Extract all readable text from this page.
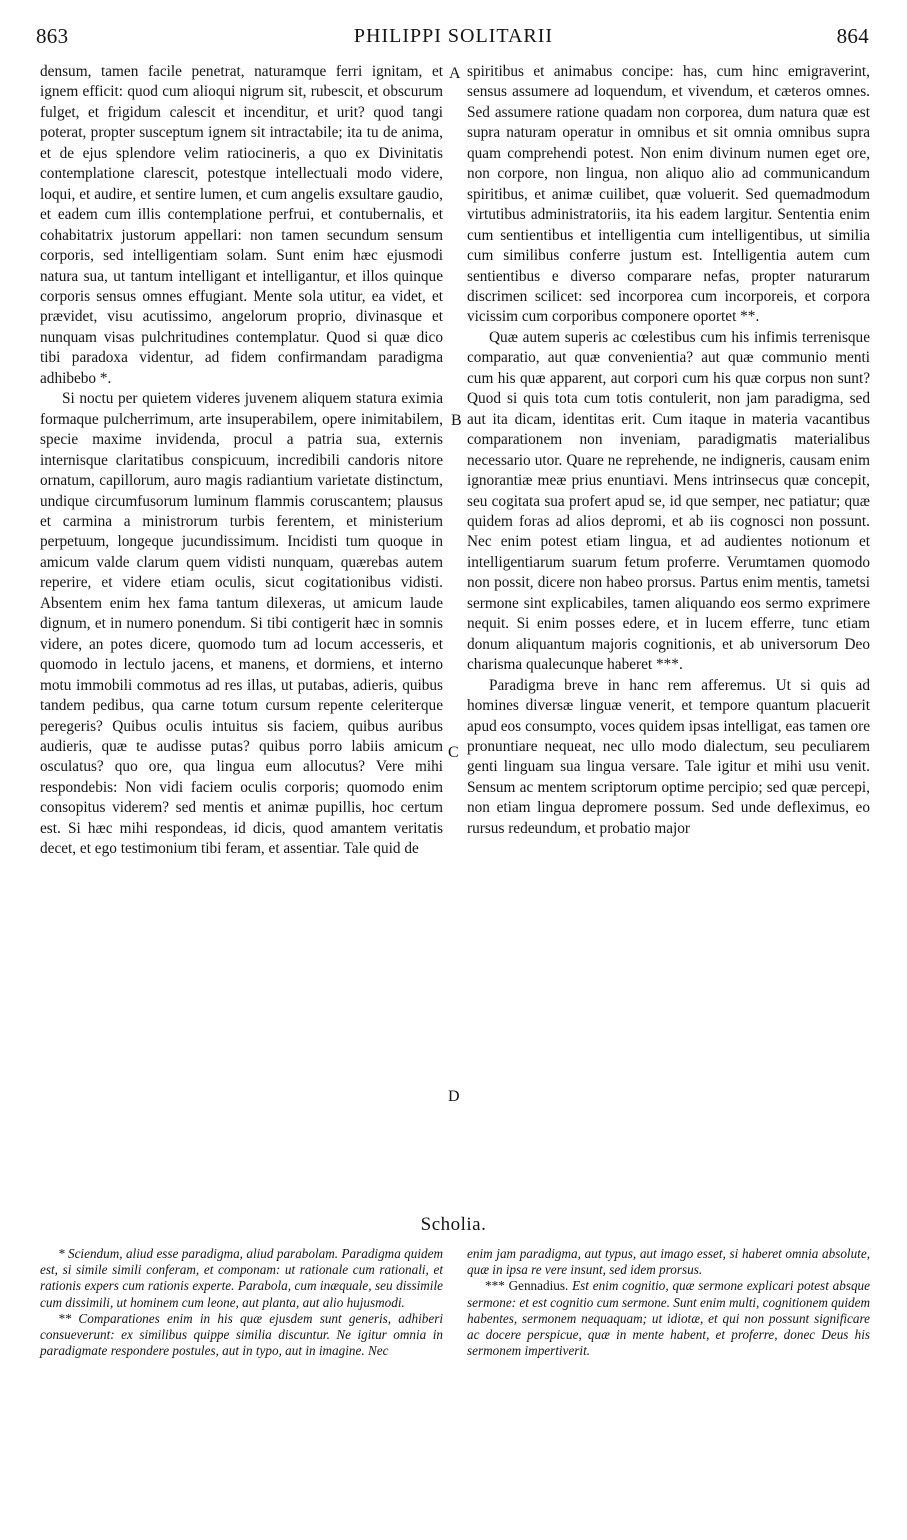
863	PHILIPPI SOLITARII	864

densum, tamen facile penetrat, naturamque ferri ignitam, et ignem efficit: quod cum alioqui nigrum sit, rubescit, et obscurum fulget, et frigidum calescit et incenditur, et urit? quod tangi poterat, propter susceptum ignem sit intractabile; ita tu de anima, et de ejus splendore velim ratiocineris, a quo ex Divinitatis contemplatione clarescit, potestque intellectuali modo videre, loqui, et audire, et sentire lumen, et cum angelis exsultare gaudio, et eadem cum illis contemplatione perfrui, et contubernalis, et cohabitatrix justorum appellari: non tamen secundum sensum corporis, sed intelligentiam solam. Sunt enim hæc ejusmodi natura sua, ut tantum intelligant et intelligantur, et illos quinque corporis sensus omnes effugiant. Mente sola utitur, ea videt, et prævidet, visu acutissimo, angelorum proprio, divinasque et nunquam visas pulchritudines contemplatur. Quod si quæ dico tibi paradoxa videntur, ad fidem confirmandam paradigma adhibebo *.

Si noctu per quietem videres juvenem aliquem statura eximia formaque pulcherrimum, arte insuperabilem, opere inimitabilem, specie maxime invidenda, procul a patria sua, externis internisque claritatibus conspicuum, incredibili candoris nitore ornatum, capillorum, auro magis radiantium varietate distinctum, undique circumfusorum luminum flammis coruscantem; plausus et carmina a ministrorum turbis ferentem, et ministerium perpetuum, longeque jucundissimum. Incidisti tum quoque in amicum valde clarum quem vidisti nunquam, quærebas autem reperire, et videre etiam oculis, sicut cogitationibus vidisti. Absentem enim hex fama tantum dilexeras, ut amicum laude dignum, et in numero ponendum. Si tibi contigerit hæc in somnis videre, an potes dicere, quomodo tum ad locum accesseris, et quomodo in lectulo jacens, et manens, et dormiens, et interno motu immobili commotus ad res illas, ut putabas, adieris, quibus tandem pedibus, qua carne totum cursum repente celeriterque peregeris? Quibus oculis intuitus sis faciem, quibus auribus audieris, quæ te audisse putas? quibus porro labiis amicum osculatus? quo ore, qua lingua eum allocutus? Vere mihi respondebis: Non vidi faciem oculis corporis; quomodo enim consopitus viderem? sed mentis et animæ pupillis, hoc certum est. Si hæc mihi respondeas, id dicis, quod amantem veritatis decet, et ego testimonium tibi feram, et assentiar. Tale quid de

A
B
C
D

spiritibus et animabus concipe: has, cum hinc emigraverint, sensus assumere ad loquendum, et vivendum, et cæteros omnes. Sed assumere ratione quadam non corporea, dum natura quæ est supra naturam operatur in omnibus et sit omnia omnibus supra quam comprehendi potest. Non enim divinum numen eget ore, non corpore, non lingua, non aliquo alio ad communicandum spiritibus, et animæ cuilibet, quæ voluerit. Sed quemadmodum virtutibus administratoriis, ita his eadem largitur. Sententia enim cum sentientibus et intelligentia cum intelligentibus, ut similia cum similibus conferre justum est. Intelligentia autem cum sentientibus e diverso comparare nefas, propter naturarum discrimen scilicet: sed incorporea cum incorporeis, et corpora vicissim cum corporibus componere oportet **.

Quæ autem superis ac cœlestibus cum his infimis terrenisque comparatio, aut quæ convenientia? aut quæ communio menti cum his quæ apparent, aut corpori cum his quæ corpus non sunt? Quod si quis tota cum totis contulerit, non jam paradigma, sed aut ita dicam, identitas erit. Cum itaque in materia vacantibus comparationem non inveniam, paradigmatis materialibus necessario utor. Quare ne reprehende, ne indigneris, causam enim ignorantiæ meæ prius enuntiavi. Mens intrinsecus quæ concepit, seu cogitata sua profert apud se, id que semper, nec patiatur; quæ quidem foras ad alios depromi, et ab iis cognosci non possunt. Nec enim potest etiam lingua, et ad audientes notionum et intelligentiarum suarum fetum proferre. Verumtamen quomodo non possit, dicere non habeo prorsus. Partus enim mentis, tametsi sermone sint explicabiles, tamen aliquando eos sermo exprimere nequit. Si enim posses edere, et in lucem efferre, tunc etiam donum aliquantum majoris cognitionis, et ab universorum Deo charisma qualecunque haberet ***.

Paradigma breve in hanc rem afferemus. Ut si quis ad homines diversæ linguæ venerit, et tempore quantum placuerit apud eos consumpto, voces quidem ipsas intelligat, eas tamen ore pronuntiare nequeat, nec ullo modo dialectum, seu peculiarem genti linguam sua lingua versare. Tale igitur et mihi usu venit. Sensum ac mentem scriptorum optime percipio; sed quæ percepi, non etiam lingua depromere possum. Sed unde defleximus, eo rursus redeundum, et probatio major

Scholia.

* Sciendum, aliud esse paradigma, aliud parabolam. Paradigma quidem est, si simile simili conferam, et componam: ut rationale cum rationali, et rationis expers cum rationis experte. Parabola, cum inæquale, seu dissimile cum dissimili, ut hominem cum leone, aut planta, aut alio hujusmodi.

** Comparationes enim in his quæ ejusdem sunt generis, adhiberi consueverunt: ex similibus quippe similia discuntur. Ne igitur omnia in paradigmate respondere postules, aut in typo, aut in imagine. Nec

enim jam paradigma, aut typus, aut imago esset, si haberet omnia absolute, quæ in ipsa re vere insunt, sed idem prorsus.

*** Gennadius. Est enim cognitio, quæ sermone explicari potest absque sermone: et est cognitio cum sermone. Sunt enim multi, cognitionem quidem habentes, sermonem nequaquam; ut idiotæ, et qui non possunt significare ac docere perspicue, quæ in mente habent, et proferre, donec Deus his sermonem impertiverit.
